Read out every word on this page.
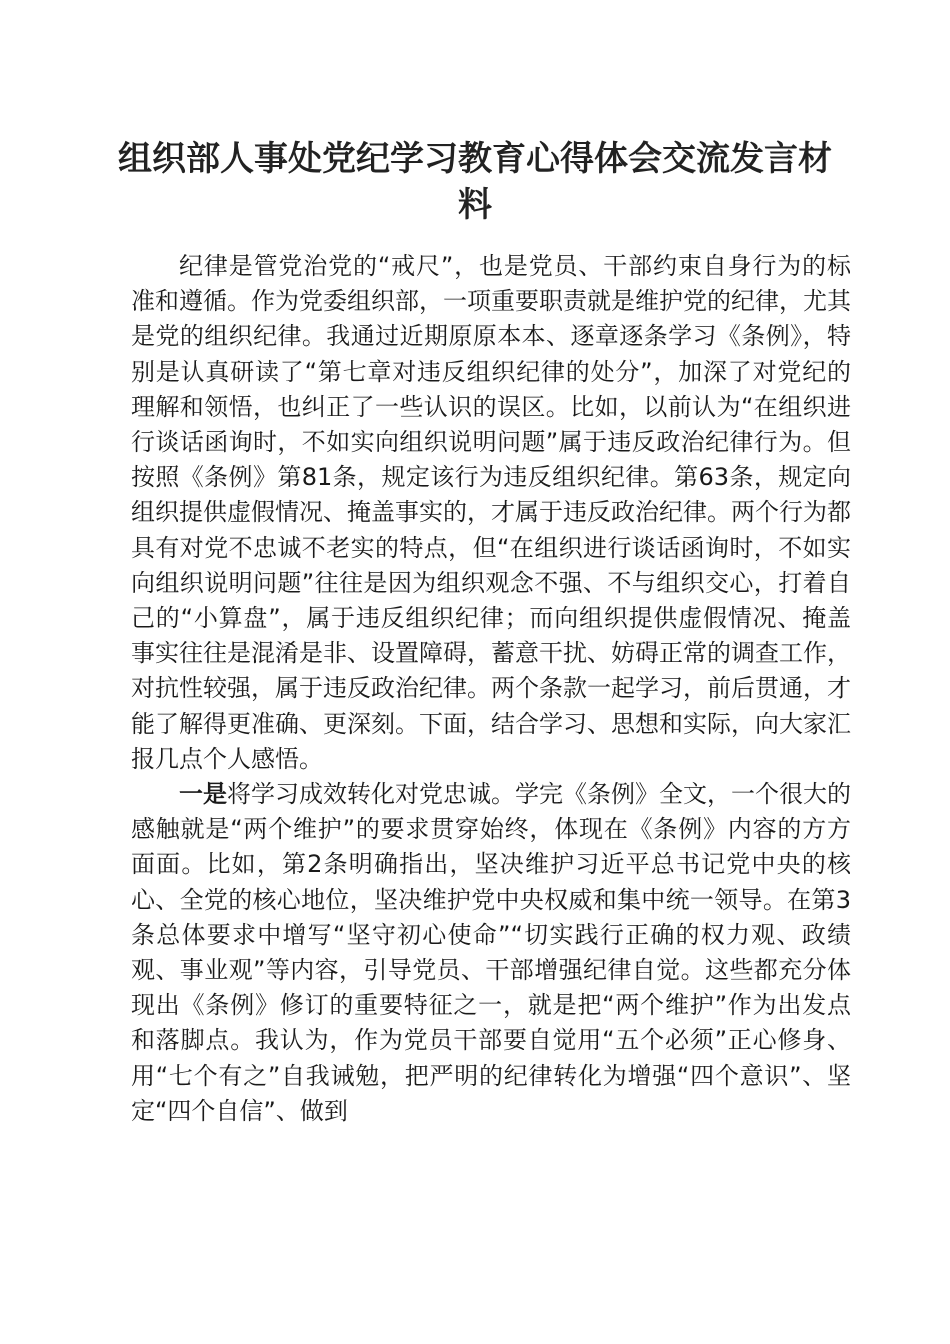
组织部人事处党纪学习教育心得体会交流发言材料

纪律是管党治党的“戒尺”，也是党员、干部约束自身行为的标准和遵循。作为党委组织部，一项重要职责就是维护党的纪律，尤其是党的组织纪律。我通过近期原原本本、逐章逐条学习《条例》，特别是认真研读了“第七章对违反组织纪律的处分”，加深了对党纪的理解和领悟，也纠正了一些认识的误区。比如，以前认为“在组织进行谈话函询时，不如实向组织说明问题”属于违反政治纪律行为。但按照《条例》第81条，规定该行为违反组织纪律。第63条，规定向组织提供虚假情况、掩盖事实的，才属于违反政治纪律。两个行为都具有对党不忠诚不老实的特点，但“在组织进行谈话函询时，不如实向组织说明问题”往往是因为组织观念不强、不与组织交心，打着自己的“小算盘”，属于违反组织纪律；而向组织提供虚假情况、掩盖事实往往是混淆是非、设置障碍，蓄意干扰、妨碍正常的调查工作，对抗性较强，属于违反政治纪律。两个条款一起学习，前后贯通，才能了解得更准确、更深刻。下面，结合学习、思想和实际，向大家汇报几点个人感悟。

一是将学习成效转化对党忠诚。学完《条例》全文，一个很大的感触就是“两个维护”的要求贯穿始终，体现在《条例》内容的方方面面。比如，第2条明确指出，坚决维护习近平总书记党中央的核心、全党的核心地位，坚决维护党中央权威和集中统一领导。在第3条总体要求中增写“坚守初心使命”“切实践行正确的权力观、政绩观、事业观”等内容，引导党员、干部增强纪律自觉。这些都充分体现出《条例》修订的重要特征之一，就是把“两个维护”作为出发点和落脚点。我认为，作为党员干部要自觉用“五个必须”正心修身、用“七个有之”自我诫勉，把严明的纪律转化为增强“四个意识”、坚定“四个自信”、做到
